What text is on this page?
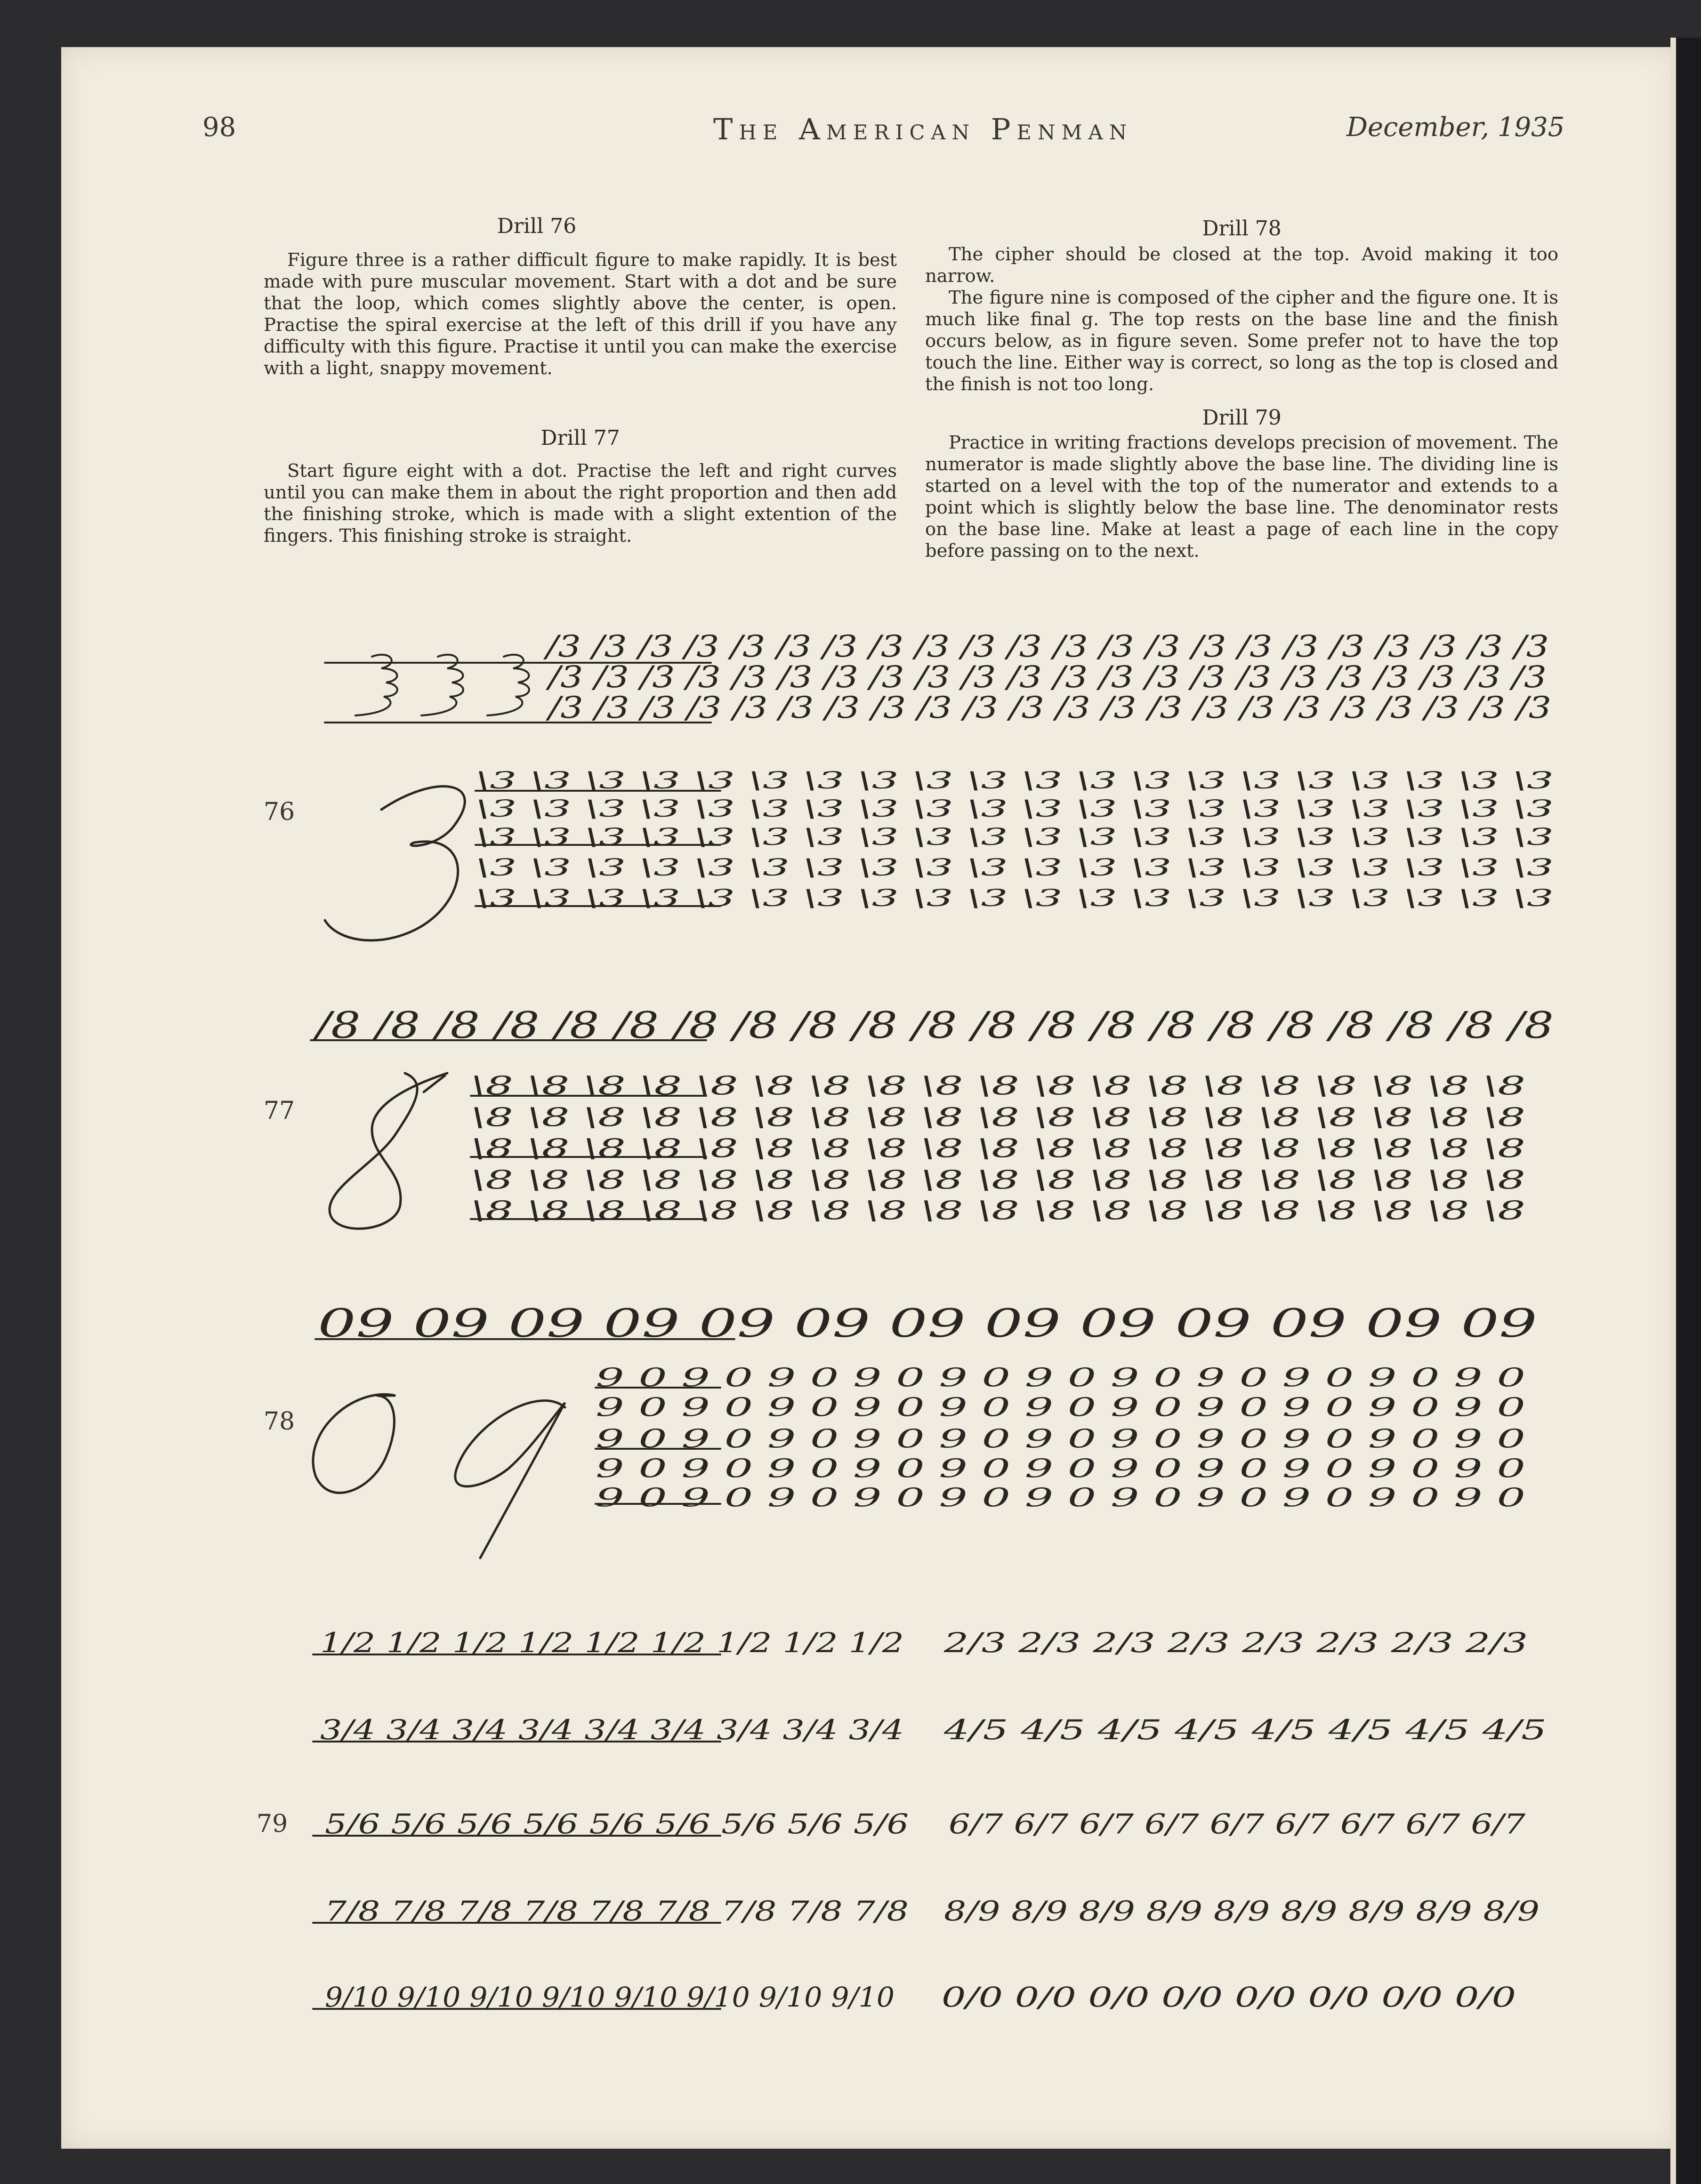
98	The American Penman	December, 1935
Drill 76

Figure three is a rather difficult figure to make rapidly. It is best made with pure muscular movement. Start with a dot and be sure that the loop, which comes slightly above the center, is open. Practise the spiral exercise at the left of this drill if you have any difficulty with this figure. Practise it until you can make the exercise with a light, snappy movement.

Drill 77

Start figure eight with a dot. Practise the left and right curves until you can make them in about the right proportion and then add the finishing stroke, which is made with a slight extention of the fingers. This finishing stroke is straight.

Drill 78

The cipher should be closed at the top. Avoid making it too narrow.

The figure nine is composed of the cipher and the figure one. It is much like final g. The top rests on the base line and the finish occurs below, as in figure seven. Some prefer not to have the top touch the line. Either way is correct, so long as the top is closed and the finish is not too long.

Drill 79

Practice in writing fractions develops precision of movement. The numerator is made slightly above the base line. The dividing line is started on a level with the top of the numerator and extends to a point which is slightly below the base line. The denominator rests on the base line. Make at least a page of each line in the copy before passing on to the next.

76
77
78
79
/3 /3 /3 /3 /3 /3 /3 /3 /3 /3 /3 /3 /3 /3 /3 /3 /3 /3 /3 /3 /3 /3
/3 /3 /3 /3 /3 /3 /3 /3 /3 /3 /3 /3 /3 /3 /3 /3 /3 /3 /3 /3 /3 /3
/3 /3 /3 /3 /3 /3 /3 /3 /3 /3 /3 /3 /3 /3 /3 /3 /3 /3 /3 /3 /3 /3
\3 \3 \3 \3 \3 \3 \3 \3 \3 \3 \3 \3 \3 \3 \3 \3 \3 \3 \3 \3
\3 \3 \3 \3 \3 \3 \3 \3 \3 \3 \3 \3 \3 \3 \3 \3 \3 \3 \3 \3
\3 \3 \3 \3 \3 \3 \3 \3 \3 \3 \3 \3 \3 \3 \3 \3 \3 \3 \3 \3
\3 \3 \3 \3 \3 \3 \3 \3 \3 \3 \3 \3 \3 \3 \3 \3 \3 \3 \3 \3
\3 \3 \3 \3 \3 \3 \3 \3 \3 \3 \3 \3 \3 \3 \3 \3 \3 \3 \3 \3
/8 /8 /8 /8 /8 /8 /8 /8 /8 /8 /8 /8 /8 /8 /8 /8 /8 /8 /8 /8 /8
\8 \8 \8 \8 \8 \8 \8 \8 \8 \8 \8 \8 \8 \8 \8 \8 \8 \8 \8
\8 \8 \8 \8 \8 \8 \8 \8 \8 \8 \8 \8 \8 \8 \8 \8 \8 \8 \8
\8 \8 \8 \8 \8 \8 \8 \8 \8 \8 \8 \8 \8 \8 \8 \8 \8 \8 \8
\8 \8 \8 \8 \8 \8 \8 \8 \8 \8 \8 \8 \8 \8 \8 \8 \8 \8 \8
\8 \8 \8 \8 \8 \8 \8 \8 \8 \8 \8 \8 \8 \8 \8 \8 \8 \8 \8
09 09 09 09 09 09 09 09 09 09 09 09 09
9 0 9 0 9 0 9 0 9 0 9 0 9 0 9 0 9 0 9 0 9 0
9 0 9 0 9 0 9 0 9 0 9 0 9 0 9 0 9 0 9 0 9 0
9 0 9 0 9 0 9 0 9 0 9 0 9 0 9 0 9 0 9 0 9 0
9 0 9 0 9 0 9 0 9 0 9 0 9 0 9 0 9 0 9 0 9 0
9 0 9 0 9 0 9 0 9 0 9 0 9 0 9 0 9 0 9 0 9 0
1/2 1/2 1/2 1/2 1/2 1/2 1/2 1/2 1/2 2/3 2/3 2/3 2/3 2/3 2/3 2/3 2/3
3/4 3/4 3/4 3/4 3/4 3/4 3/4 3/4 3/4 4/5 4/5 4/5 4/5 4/5 4/5 4/5 4/5
5/6 5/6 5/6 5/6 5/6 5/6 5/6 5/6 5/6 6/7 6/7 6/7 6/7 6/7 6/7 6/7 6/7 6/7
7/8 7/8 7/8 7/8 7/8 7/8 7/8 7/8 7/8 8/9 8/9 8/9 8/9 8/9 8/9 8/9 8/9 8/9
9/10 9/10 9/10 9/10 9/10 9/10 9/10 9/10 0/0 0/0 0/0 0/0 0/0 0/0 0/0 0/0
